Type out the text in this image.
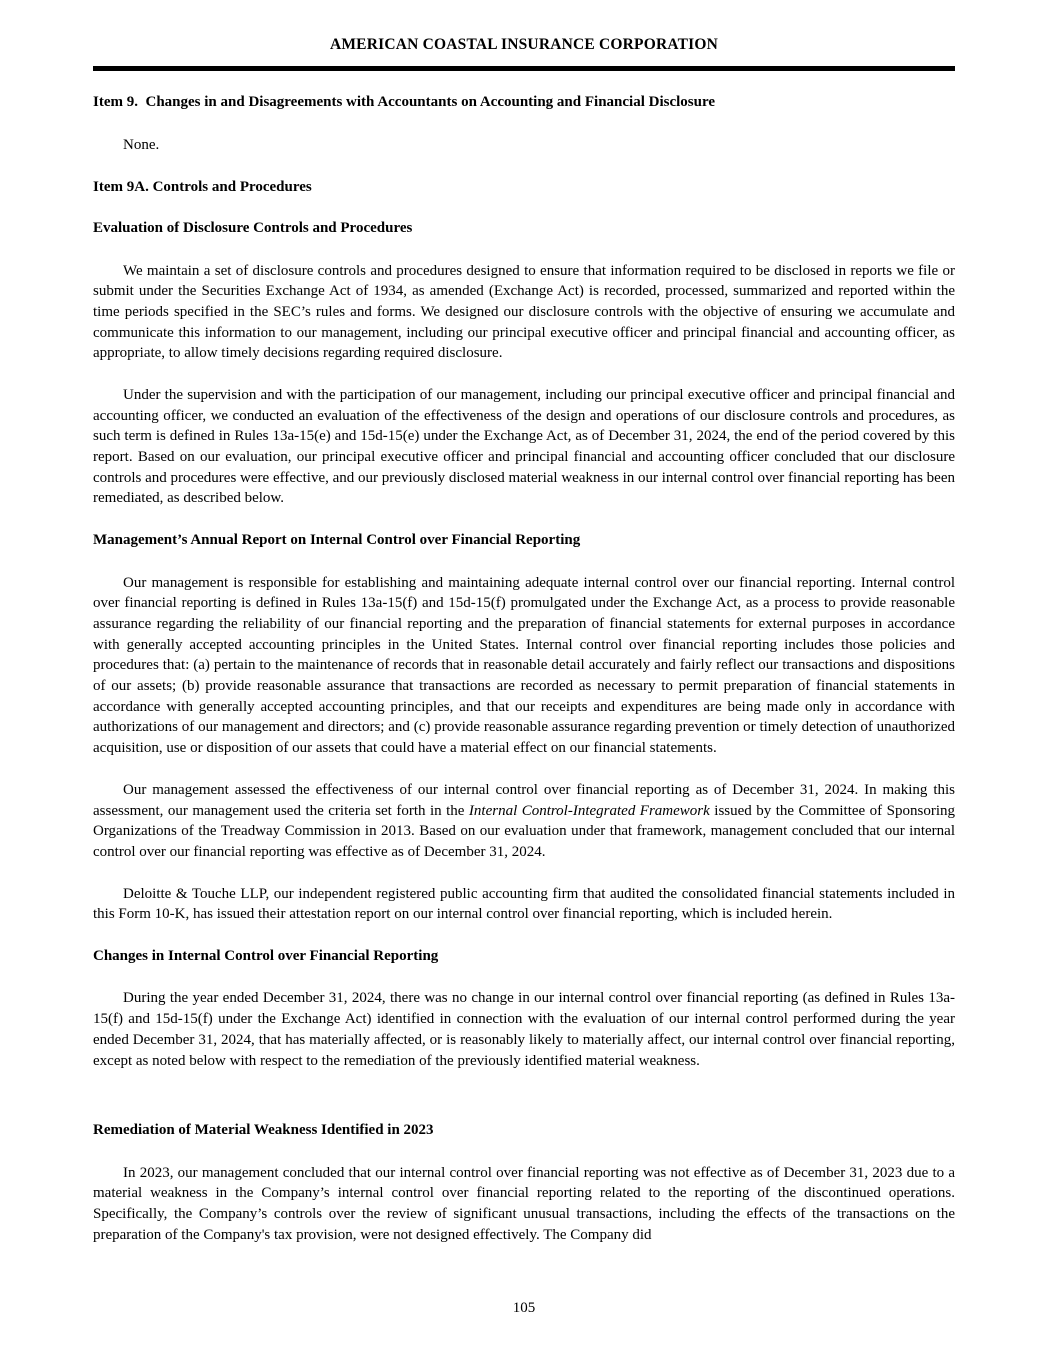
AMERICAN COASTAL INSURANCE CORPORATION
Item 9.  Changes in and Disagreements with Accountants on Accounting and Financial Disclosure

None.

Item 9A. Controls and Procedures
Evaluation of Disclosure Controls and Procedures

We maintain a set of disclosure controls and procedures designed to ensure that information required to be disclosed in reports we file or submit under the Securities Exchange Act of 1934, as amended (Exchange Act) is recorded, processed, summarized and reported within the time periods specified in the SEC’s rules and forms. We designed our disclosure controls with the objective of ensuring we accumulate and communicate this information to our management, including our principal executive officer and principal financial and accounting officer, as appropriate, to allow timely decisions regarding required disclosure.

Under the supervision and with the participation of our management, including our principal executive officer and principal financial and accounting officer, we conducted an evaluation of the effectiveness of the design and operations of our disclosure controls and procedures, as such term is defined in Rules 13a-15(e) and 15d-15(e) under the Exchange Act, as of December 31, 2024, the end of the period covered by this report. Based on our evaluation, our principal executive officer and principal financial and accounting officer concluded that our disclosure controls and procedures were effective, and our previously disclosed material weakness in our internal control over financial reporting has been remediated, as described below.

Management’s Annual Report on Internal Control over Financial Reporting

Our management is responsible for establishing and maintaining adequate internal control over our financial reporting. Internal control over financial reporting is defined in Rules 13a-15(f) and 15d-15(f) promulgated under the Exchange Act, as a process to provide reasonable assurance regarding the reliability of our financial reporting and the preparation of financial statements for external purposes in accordance with generally accepted accounting principles in the United States. Internal control over financial reporting includes those policies and procedures that: (a) pertain to the maintenance of records that in reasonable detail accurately and fairly reflect our transactions and dispositions of our assets; (b) provide reasonable assurance that transactions are recorded as necessary to permit preparation of financial statements in accordance with generally accepted accounting principles, and that our receipts and expenditures are being made only in accordance with authorizations of our management and directors; and (c) provide reasonable assurance regarding prevention or timely detection of unauthorized acquisition, use or disposition of our assets that could have a material effect on our financial statements.

Our management assessed the effectiveness of our internal control over financial reporting as of December 31, 2024. In making this assessment, our management used the criteria set forth in the Internal Control-Integrated Framework issued by the Committee of Sponsoring Organizations of the Treadway Commission in 2013. Based on our evaluation under that framework, management concluded that our internal control over our financial reporting was effective as of December 31, 2024.

Deloitte & Touche LLP, our independent registered public accounting firm that audited the consolidated financial statements included in this Form 10-K, has issued their attestation report on our internal control over financial reporting, which is included herein.

Changes in Internal Control over Financial Reporting

During the year ended December 31, 2024, there was no change in our internal control over financial reporting (as defined in Rules 13a-15(f) and 15d-15(f) under the Exchange Act) identified in connection with the evaluation of our internal control performed during the year ended December 31, 2024, that has materially affected, or is reasonably likely to materially affect, our internal control over financial reporting, except as noted below with respect to the remediation of the previously identified material weakness.

Remediation of Material Weakness Identified in 2023

In 2023, our management concluded that our internal control over financial reporting was not effective as of December 31, 2023 due to a material weakness in the Company’s internal control over financial reporting related to the reporting of the discontinued operations. Specifically, the Company’s controls over the review of significant unusual transactions, including the effects of the transactions on the preparation of the Company's tax provision, were not designed effectively. The Company did

105
